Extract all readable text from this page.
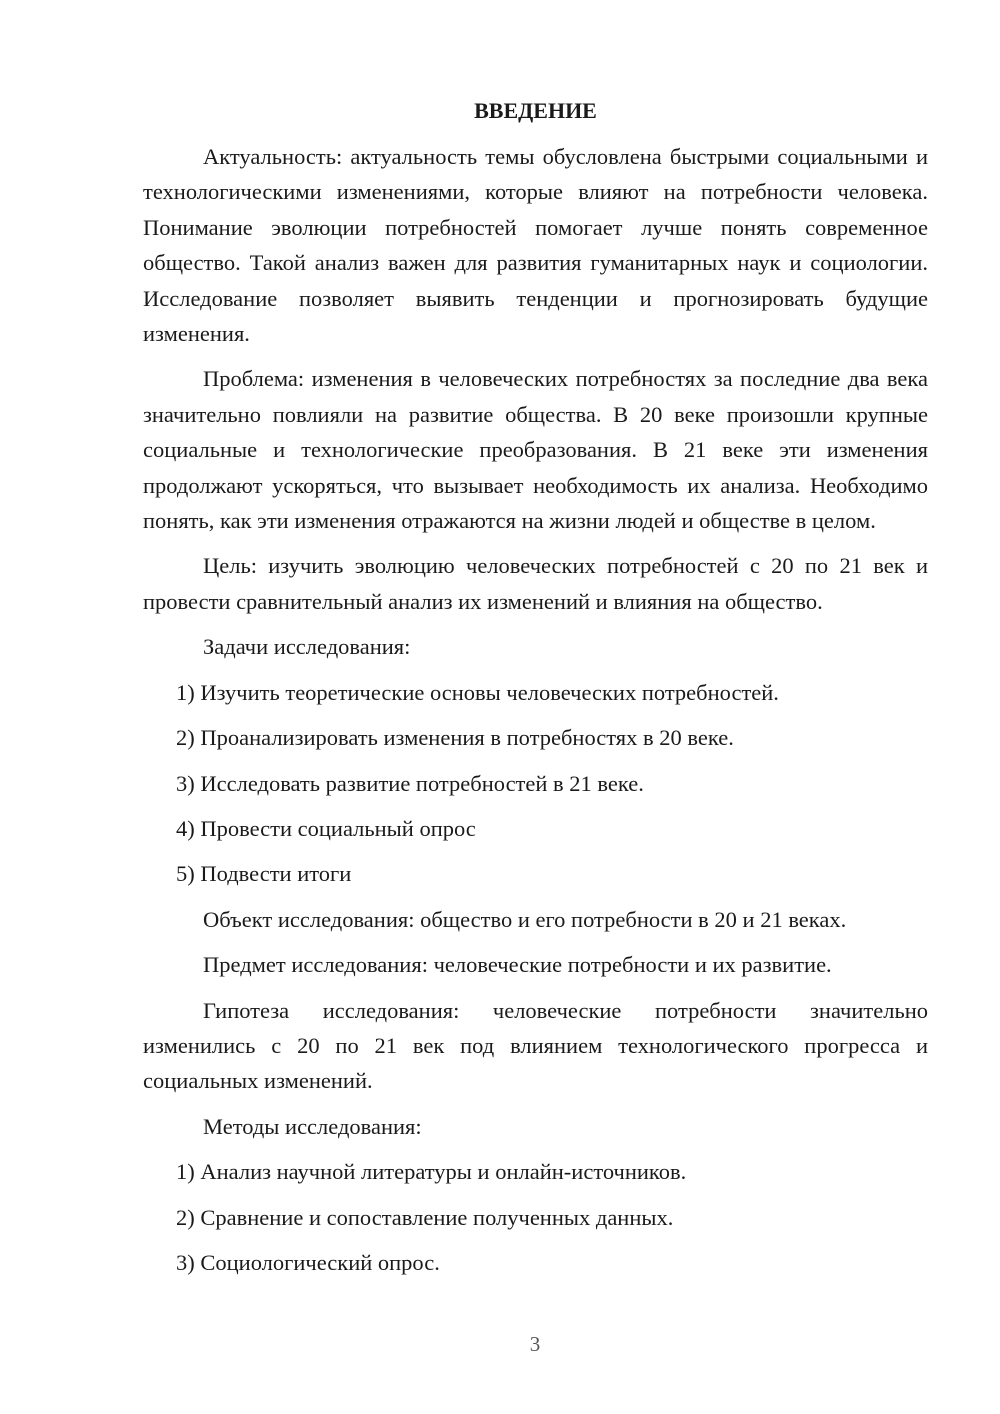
ВВЕДЕНИЕ

Актуальность: актуальность темы обусловлена быстрыми социальными и технологическими изменениями, которые влияют на потребности человека. Понимание эволюции потребностей помогает лучше понять современное общество. Такой анализ важен для развития гуманитарных наук и социологии. Исследование позволяет выявить тенденции и прогнозировать будущие изменения.

Проблема: изменения в человеческих потребностях за последние два века значительно повлияли на развитие общества. В 20 веке произошли крупные социальные и технологические преобразования. В 21 веке эти изменения продолжают ускоряться, что вызывает необходимость их анализа. Необходимо понять, как эти изменения отражаются на жизни людей и обществе в целом.

Цель: изучить эволюцию человеческих потребностей с 20 по 21 век и провести сравнительный анализ их изменений и влияния на общество.

Задачи исследования:

1) Изучить теоретические основы человеческих потребностей.
2) Проанализировать изменения в потребностях в 20 веке.
3) Исследовать развитие потребностей в 21 веке.
4) Провести социальный опрос
5) Подвести итоги

Объект исследования: общество и его потребности в 20 и 21 веках.

Предмет исследования: человеческие потребности и их развитие.

Гипотеза исследования: человеческие потребности значительно изменились с 20 по 21 век под влиянием технологического прогресса и социальных изменений.

Методы исследования:

1) Анализ научной литературы и онлайн-источников.
2) Сравнение и сопоставление полученных данных.
3) Социологический опрос.
3
